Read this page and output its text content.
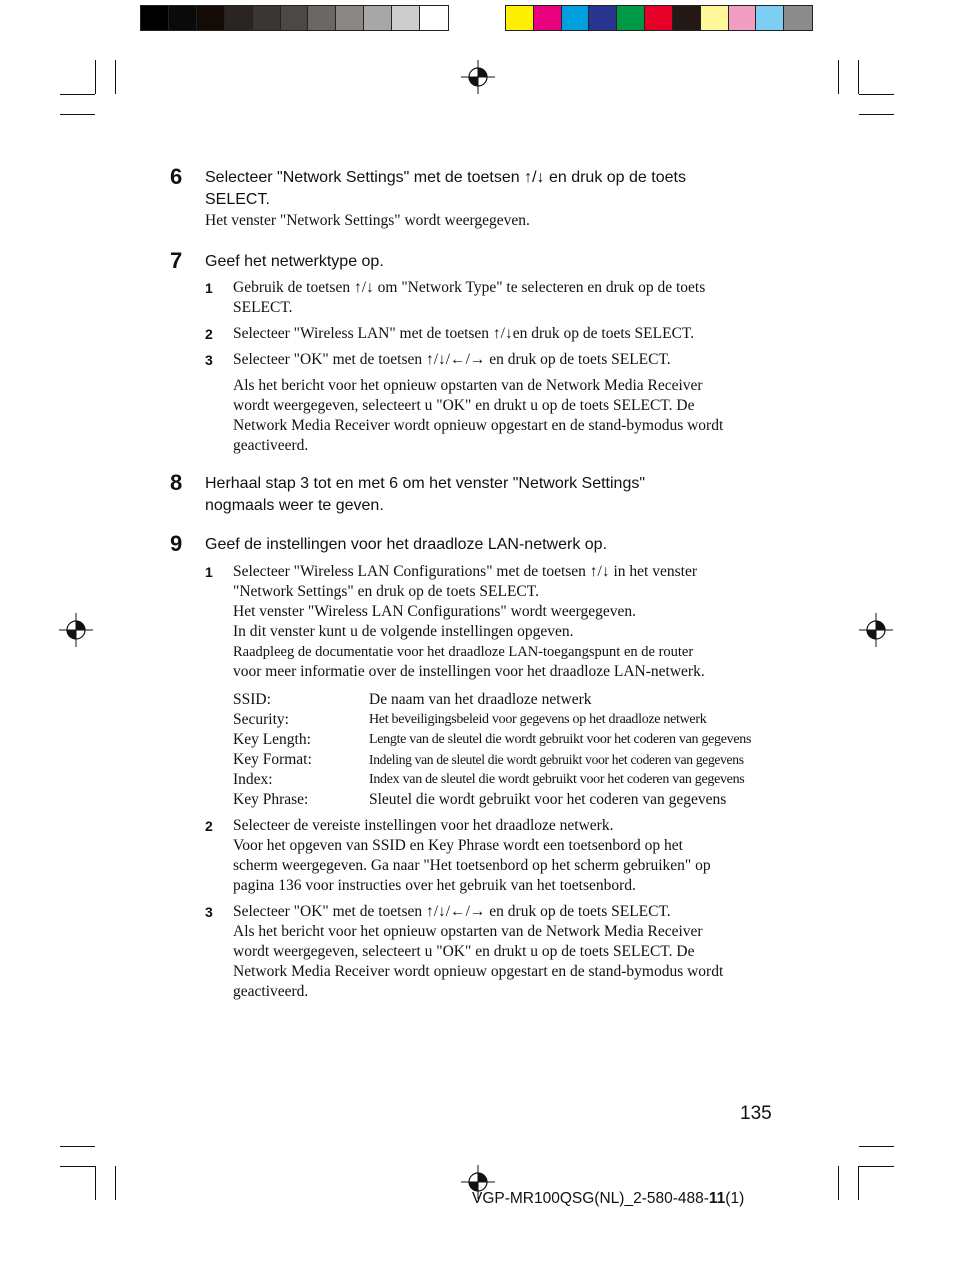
6 Selecteer "Network Settings" met de toetsen ↑/↓ en druk op de toets
SELECT.
Het venster "Network Settings" wordt weergegeven.
7 Geef het netwerktype op.
1 Gebruik de toetsen ↑/↓ om "Network Type" te selecteren en druk op de toets
SELECT.
2 Selecteer "Wireless LAN" met de toetsen ↑/↓en druk op de toets SELECT.
3 Selecteer "OK" met de toetsen ↑/↓/←/→ en druk op de toets SELECT.
Als het bericht voor het opnieuw opstarten van de Network Media Receiver
wordt weergegeven, selecteert u "OK" en drukt u op de toets SELECT. De
Network Media Receiver wordt opnieuw opgestart en de stand-bymodus wordt
geactiveerd.
8 Herhaal stap 3 tot en met 6 om het venster "Network Settings"
nogmaals weer te geven.
9 Geef de instellingen voor het draadloze LAN-netwerk op.
1 Selecteer "Wireless LAN Configurations" met de toetsen ↑/↓ in het venster
"Network Settings" en druk op de toets SELECT.
Het venster "Wireless LAN Configurations" wordt weergegeven.
In dit venster kunt u de volgende instellingen opgeven.
Raadpleeg de documentatie voor het draadloze LAN-toegangspunt en de router
voor meer informatie over de instellingen voor het draadloze LAN-netwerk.
SSID:	De naam van het draadloze netwerk
Security:	Het beveiligingsbeleid voor gegevens op het draadloze netwerk
Key Length:	Lengte van de sleutel die wordt gebruikt voor het coderen van gegevens
Key Format:	Indeling van de sleutel die wordt gebruikt voor het coderen van gegevens
Index:	Index van de sleutel die wordt gebruikt voor het coderen van gegevens
Key Phrase:	Sleutel die wordt gebruikt voor het coderen van gegevens
2 Selecteer de vereiste instellingen voor het draadloze netwerk.
Voor het opgeven van SSID en Key Phrase wordt een toetsenbord op het
scherm weergegeven. Ga naar "Het toetsenbord op het scherm gebruiken" op
pagina 136 voor instructies over het gebruik van het toetsenbord.
3 Selecteer "OK" met de toetsen ↑/↓/←/→ en druk op de toets SELECT.
Als het bericht voor het opnieuw opstarten van de Network Media Receiver
wordt weergegeven, selecteert u "OK" en drukt u op de toets SELECT. De
Network Media Receiver wordt opnieuw opgestart en de stand-bymodus wordt
geactiveerd.
135
VGP-MR100QSG(NL)_2-580-488-11(1)
